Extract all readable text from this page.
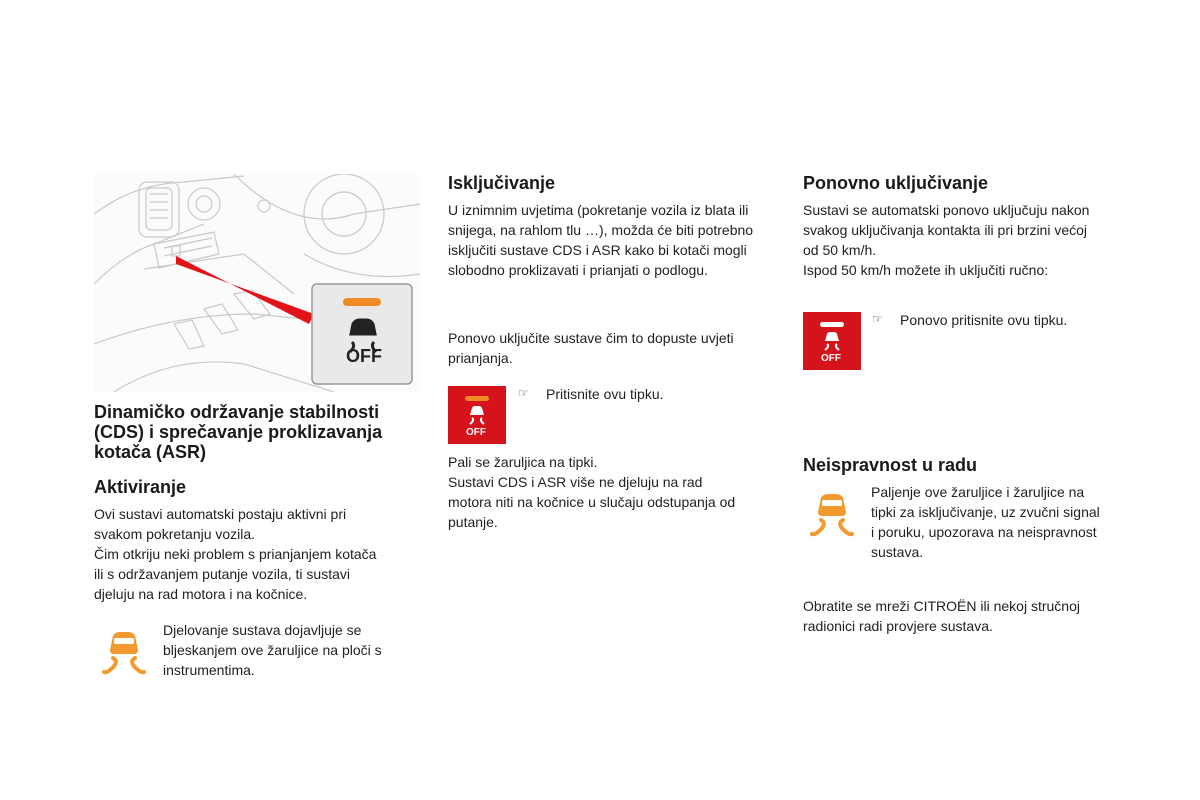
OFF
Dinamičko održavanje stabilnosti
(CDS) i sprečavanje proklizavanja
kotača (ASR)
Aktiviranje
Ovi sustavi automatski postaju aktivni pri
svakom pokretanju vozila.
Čim otkriju neki problem s prianjanjem kotača
ili s održavanjem putanje vozila, ti sustavi
djeluju na rad motora i na kočnice.
Djelovanje sustava dojavljuje se
bljeskanjem ove žaruljice na ploči s
instrumentima.
Isključivanje
U iznimnim uvjetima (pokretanje vozila iz blata ili
snijega, na rahlom tlu …), možda će biti potrebno
isključiti sustave CDS i ASR kako bi kotači mogli
slobodno proklizavati i prianjati o podlogu.
Ponovo uključite sustave čim to dopuste uvjeti
prianjanja.
OFF
☞ Pritisnite ovu tipku.
Pali se žaruljica na tipki.
Sustavi CDS i ASR više ne djeluju na rad
motora niti na kočnice u slučaju odstupanja od
putanje.
Ponovno uključivanje
Sustavi se automatski ponovo uključuju nakon
svakog uključivanja kontakta ili pri brzini većoj
od 50 km/h.
Ispod 50 km/h možete ih uključiti ručno:
OFF
☞ Ponovo pritisnite ovu tipku.
Neispravnost u radu
Paljenje ove žaruljice i žaruljice na
tipki za isključivanje, uz zvučni signal
i poruku, upozorava na neispravnost
sustava.
Obratite se mreži CITROËN ili nekoj stručnoj
radionici radi provjere sustava.
